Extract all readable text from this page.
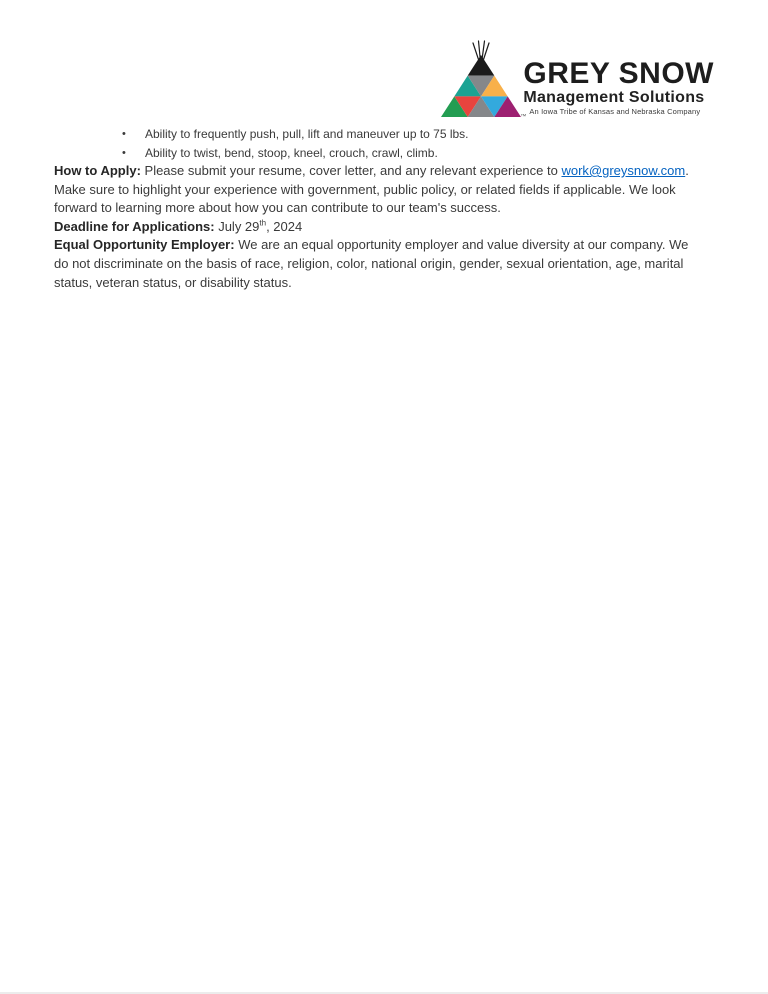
™
GREY SNOW
Management Solutions
An Iowa Tribe of Kansas and Nebraska Company
•	Ability to frequently push, pull, lift and maneuver up to 75 lbs.
•	Ability to twist, bend, stoop, kneel, crouch, crawl, climb.

How to Apply: Please submit your resume, cover letter, and any relevant experience to work@greysnow.com. Make sure to highlight your experience with government, public policy, or related fields if applicable. We look forward to learning more about how you can contribute to our team's success.

Deadline for Applications: July 29th, 2024

Equal Opportunity Employer: We are an equal opportunity employer and value diversity at our company. We do not discriminate on the basis of race, religion, color, national origin, gender, sexual orientation, age, marital status, veteran status, or disability status.
